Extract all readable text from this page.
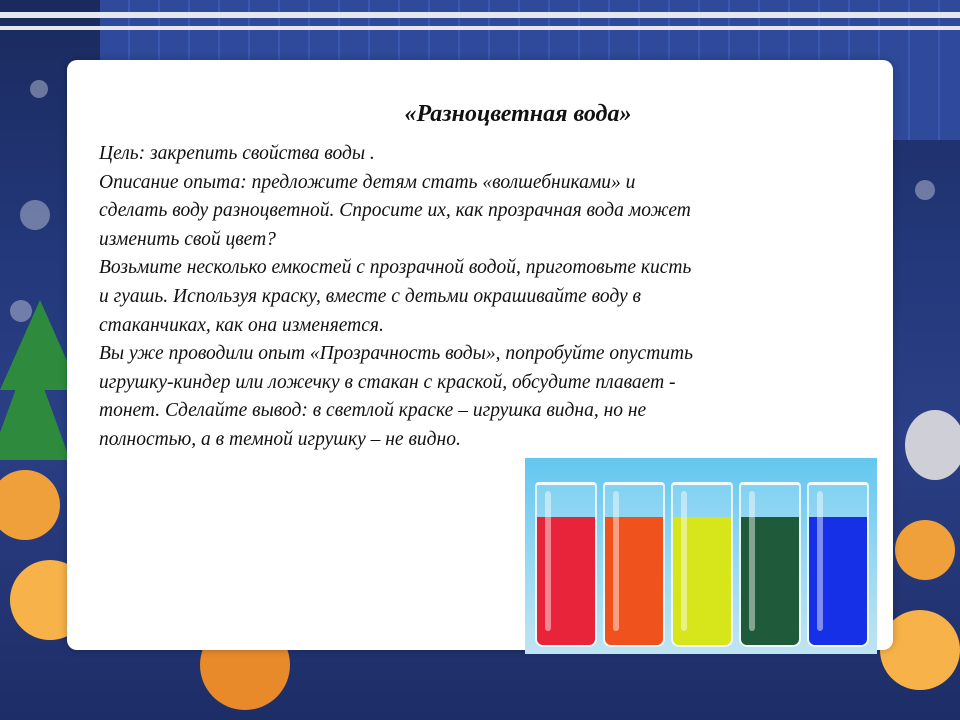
«Разноцветная вода»

Цель: закрепить свойства воды .

Описание опыта: предложите детям стать «волшебниками» и

сделать воду разноцветной. Спросите их, как прозрачная вода может

изменить свой цвет?

Возьмите несколько емкостей с прозрачной водой, приготовьте кисть

и гуашь. Используя краску, вместе с детьми окрашивайте воду в

стаканчиках, как она изменяется.

Вы уже проводили опыт «Прозрачность воды», попробуйте опустить

игрушку-киндер или ложечку в стакан с краской, обсудите плавает -

тонет. Сделайте вывод: в светлой краске – игрушка видна, но не

полностью, а в темной игрушку – не видно.
